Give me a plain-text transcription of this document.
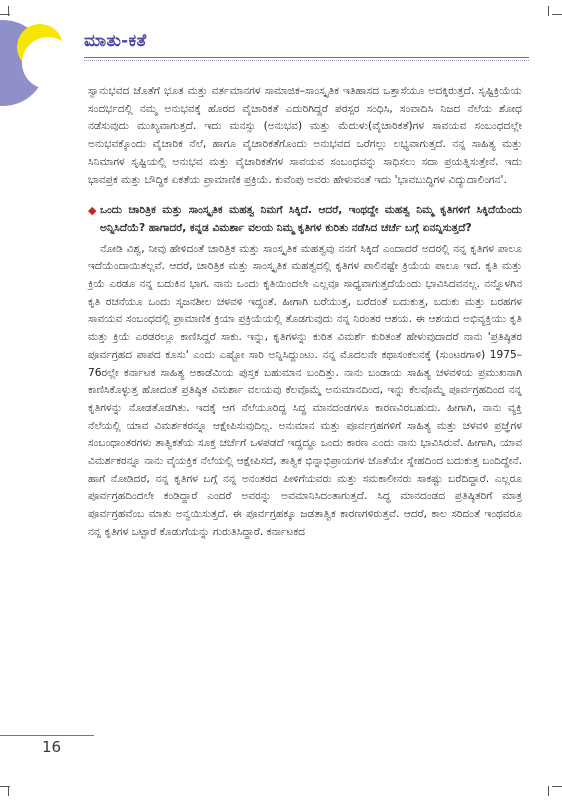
ಮಾತು-ಕತೆ

ಸ್ವಾನುಭವದ ಜೊತೆಗೆ ಭೂತ ಮತ್ತು ವರ್ತಮಾನಗಳ ಸಾಮಾಜಿಕ–ಸಾಂಸ್ಕೃತಿಕ ಇತಿಹಾಸದ ಒತ್ತಾಸೆಯೂ ಅದಕ್ಕಿರುತ್ತದೆ. ಸೃಷ್ಟಿಕ್ರಿಯೆಯ ಸಂದರ್ಭದಲ್ಲಿ ನಮ್ಮ ಅನುಭವಕ್ಕೆ ಹೊರದ ವೈಚಾರಿಕತೆ ಎದುರಿಗಿದ್ದರೆ ಪರಸ್ಪರ ಸಂಧಿಸಿ, ಸಂವಾದಿಸಿ ನಿಜದ ನೆಲೆಯ ಶೋಧ ನಡೆಸುವುದು ಮುಖ್ಯವಾಗುತ್ತದೆ. ಇದು ಮನಸ್ಸು (ಅನುಭವ) ಮತ್ತು ಮೆದುಳು(ವೈಚಾರಿಕತೆ)ಗಳ ಸಾವಯವ ಸಂಬಂಧದಲ್ಲೇ ಅನುಭವಕ್ಕೊಂದು ವೈಚಾರಿಕ ನೆಲೆ, ಹಾಗೂ ವೈಚಾರಿಕತೆಗೊಂದು ಅನುಭವದ ಒರೆಗಲ್ಲು ಲಭ್ಯವಾಗುತ್ತದೆ. ನನ್ನ ಸಾಹಿತ್ಯ ಮತ್ತು ಸಿನಿಮಾಗಳ ಸೃಷ್ಟಿಯಲ್ಲಿ ಅನುಭವ ಮತ್ತು ವೈಚಾರಿಕತೆಗಳ ಸಾವಯವ ಸಂಬಂಧವನ್ನು ಸಾಧಿಸಲು ಸದಾ ಪ್ರಯತ್ನಿಸುತ್ತೇನೆ. ಇದು ಭಾವಪ್ರಕ ಮತ್ತು ಬೌದ್ಧಿಕ ಏಕತೆಯ ಪ್ರಾಮಾಣಿಕ ಪ್ರಕ್ರಿಯೆ. ಕುವೆಂಪು ಅವರು ಹೇಳುವಂತೆ ಇದು 'ಭಾವಬುದ್ಧಿಗಳ ವಿದ್ಯುದಾಲಿಂಗನ'.

◆ ಒಂದು ಚಾರಿತ್ರಿಕ ಮತ್ತು ಸಾಂಸ್ಕೃತಿಕ ಮಹತ್ವ ನಿಮಗೆ ಸಿಕ್ಕಿದೆ. ಆದರೆ, ಇಂಥದ್ದೇ ಮಹತ್ವ ನಿಮ್ಮ ಕೃತಿಗಳಿಗೆ ಸಿಕ್ಕಿದೆಯೆಂದು ಅನ್ನಿಸಿದೆಯೆ? ಹಾಗಾದರೆ, ಕನ್ನಡ ವಿಮರ್ಶಾ ವಲಯ ನಿಮ್ಮ ಕೃತಿಗಳ ಕುರಿತು ನಡೆಸಿದ ಚರ್ಚೆ ಬಗ್ಗೆ ಏನನ್ನಿಸುತ್ತದೆ?

ನೋಡಿ ವಿಶ್ವ, ನೀವು ಹೇಳಿದಂತೆ ಚಾರಿತ್ರಿಕ ಮತ್ತು ಸಾಂಸ್ಕೃತಿಕ ಮಹತ್ವವು ನನಗೆ ಸಿಕ್ಕಿದೆ ಎಂದಾದರೆ ಅದರಲ್ಲಿ ನನ್ನ ಕೃತಿಗಳ ಪಾಲೂ ಇದೆಯೆಂದಾಯಿತಲ್ಲವೆ. ಆದರೆ, ಚಾರಿತ್ರಿಕ ಮತ್ತು ಸಾಂಸ್ಕೃತಿಕ ಮಹತ್ವದಲ್ಲಿ ಕೃತಿಗಳ ಪಾಲಿನಷ್ಟೇ ಕ್ರಿಯೆಯ ಪಾಲೂ ಇದೆ. ಕೃತಿ ಮತ್ತು ಕ್ರಿಯೆ ಎರಡೂ ನನ್ನ ಬದುಕಿನ ಭಾಗ. ನಾನು ಒಂದು ಕೃತಿಯಿಂದಲೇ ಎಲ್ಲವೂ ಸಾಧ್ಯವಾಗುತ್ತದೆಯೆಂದು ಭಾವಿಸಿದವನಲ್ಲ. ನನ್ನೊಳಗಿನ ಕೃತಿ ರಚನೆಯೂ ಒಂದು ಸೃಜನಶೀಲ ಚಳವಳಿ ಇದ್ದಂತೆ. ಹೀಗಾಗಿ ಬರೆಯುತ್ತ, ಬರೆದಂತೆ ಬದುಕುತ್ತ, ಬದುಕು ಮತ್ತು ಬರಹಗಳ ಸಾವಯವ ಸಂಬಂಧದಲ್ಲಿ ಪ್ರಾಮಾಣಿಕ ಕ್ರಿಯಾ ಪ್ರಕ್ರಿಯೆಯಲ್ಲಿ ತೊಡಗುವುದು ನನ್ನ ನಿರಂತರ ಆಶಯ. ಈ ಆಶಯದ ಅಭಿವ್ಯಕ್ತಿಯು ಕೃತಿ ಮತ್ತು ಕ್ರಿಯೆ ಎರಡರಲ್ಲೂ ಕಾಣಿಸಿದ್ದರೆ ಸಾಕು. ಇನ್ನು, ಕೃತಿಗಳನ್ನು ಕುರಿತ ವಿಮರ್ಶೆ ಕುರಿತಂತೆ ಹೇಳುವುದಾದರೆ ನಾನು 'ಪ್ರತಿಷ್ಠಿತರ ಪೂರ್ವಗ್ರಹದ ಪಾಪದ ಕೂಸು' ಎಂದು ಎಷ್ಟೋ ಸಾರಿ ಅನ್ನಿಸಿದ್ದುಂಟು. ನನ್ನ ಮೊದಲನೇ ಕಥಾಸಂಕಲನಕ್ಕೆ (ಸುಂಟರಗಾಳಿ) 1975–76ರಲ್ಲೇ ಕರ್ನಾಟಕ ಸಾಹಿತ್ಯ ಅಕಾಡೆಮಿಯ ಪುಸ್ತಕ ಬಹುಮಾನ ಬಂದಿತ್ತು. ನಾನು ಬಂಡಾಯ ಸಾಹಿತ್ಯ ಚಳವಳಿಯ ಪ್ರಮುಖನಾಗಿ ಕಾಣಿಸಿಕೊಳ್ಳುತ್ತ ಹೋದಂತೆ ಪ್ರತಿಷ್ಠಿತ ವಿಮರ್ಶಾ ವಲಯವು ಕೆಲವೊಮ್ಮೆ ಅನುಮಾನದಿಂದ, ಇನ್ನು ಕೆಲವೊಮ್ಮೆ ಪೂರ್ವಗ್ರಹದಿಂದ ನನ್ನ ಕೃತಿಗಳನ್ನು ನೋಡತೊಡಗಿತು. ಇದಕ್ಕೆ ಆಗ ನೆಲೆಯೂರಿದ್ದ ಸಿದ್ಧ ಮಾನದಂಡಗಳೂ ಕಾರಣವಿರಬಹುದು. ಹೀಗಾಗಿ, ನಾನು ವ್ಯಕ್ತಿ ನೆಲೆಯಲ್ಲಿ ಯಾವ ವಿಮರ್ಶಕರನ್ನೂ ಆಕ್ಷೇಪಿಸುವುದಿಲ್ಲ. ಅನುಮಾನ ಮತ್ತು ಪೂರ್ವಗ್ರಹಗಳಿಗೆ ಸಾಹಿತ್ಯ ಮತ್ತು ಚಳವಳಿ ಪ್ರಜ್ಞೆಗಳ ಸಂಬಂಧಾಂತರಗಳು ತಾತ್ವಿಕತೆಯ ಸೂಕ್ತ ಚರ್ಚೆಗೆ ಒಳಪಡದೆ ಇದ್ದದ್ದೂ ಒಂದು ಕಾರಣ ಎಂದು ನಾನು ಭಾವಿಸಿರುವೆ. ಹೀಗಾಗಿ, ಯಾವ ವಿಮರ್ಶಕರನ್ನೂ ನಾನು ವೈಯಕ್ತಿಕ ನೆಲೆಯಲ್ಲಿ ಆಕ್ಷೇಪಿಸದೆ, ತಾತ್ವಿಕ ಭಿನ್ನಾಭಿಪ್ರಾಯಗಳ ಜೊತೆಯೇ ಸ್ನೇಹದಿಂದ ಬದುಕುತ್ತ ಬಂದಿದ್ದೇನೆ. ಹಾಗೆ ನೋಡಿದರೆ, ನನ್ನ ಕೃತಿಗಳ ಬಗ್ಗೆ ನನ್ನ ಅನಂತರದ ಪೀಳಿಗೆಯವರು ಮತ್ತು ಸಮಕಾಲೀನರು ಸಾಕಷ್ಟು ಬರೆದಿದ್ದಾರೆ. ಎಲ್ಲರೂ ಪೂರ್ವಗ್ರಹದಿಂದಲೇ ಕಂಡಿದ್ದಾರೆ ಎಂದರೆ ಅವರನ್ನು ಅವಮಾನಿಸಿದಂತಾಗುತ್ತದೆ. ಸಿದ್ಧ ಮಾನದಂಡದ ಪ್ರತಿಷ್ಠಿತರಿಗೆ ಮಾತ್ರ ಪೂರ್ವಗ್ರಹವೆಂಬ ಮಾತು ಅನ್ವಯಿಸುತ್ತದೆ. ಈ ಪೂರ್ವಗ್ರಹಕ್ಕೂ ಜಡತಾತ್ವಿಕ ಕಾರಣಗಳಿರುತ್ತವೆ. ಆದರೆ, ಕಾಲ ಸರಿದಂತೆ ಇಂಥವರೂ ನನ್ನ ಕೃತಿಗಳ ಒಟ್ಟಾರೆ ಕೊಡುಗೆಯನ್ನು ಗುರುತಿಸಿದ್ದಾರೆ. ಕರ್ನಾಟಕದ

16
